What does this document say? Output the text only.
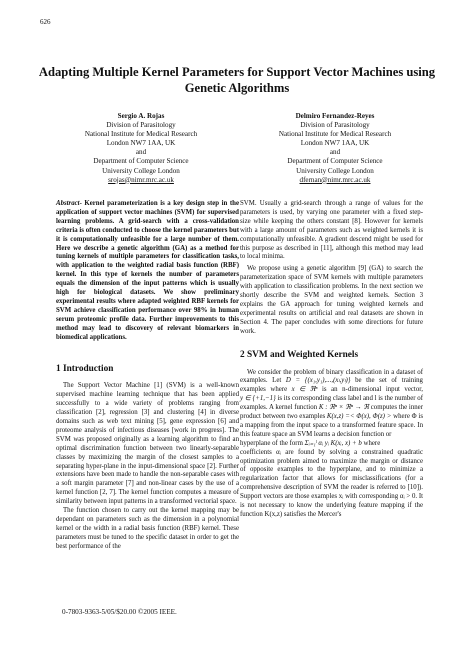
626
Adapting Multiple Kernel Parameters for Support Vector Machines using Genetic Algorithms
Sergio A. Rojas
Division of Parasitology
National Institute for Medical Research
London NW7 1AA, UK
and
Department of Computer Science
University College London
srojas@nimr.mrc.ac.uk
Delmiro Fernandez-Reyes
Division of Parasitology
National Institute for Medical Research
London NW7 1AA, UK
and
Department of Computer Science
University College London
dfernan@nimr.mrc.ac.uk

Abstract- Kernel parameterization is a key design step in the application of support vector machines (SVM) for supervised learning problems. A grid-search with a cross-validation criteria is often conducted to choose the kernel parameters but it is computationally unfeasible for a large number of them. Here we describe a genetic algorithm (GA) as a method for tuning kernels of multiple parameters for classification tasks, with application to the weighted radial basis function (RBF) kernel. In this type of kernels the number of parameters equals the dimension of the input patterns which is usually high for biological datasets. We show preliminary experimental results where adapted weighted RBF kernels for SVM achieve classification performance over 98% in human serum proteomic profile data. Further improvements to this method may lead to discovery of relevant biomarkers in biomedical applications.

1 Introduction

The Support Vector Machine [1] (SVM) is a well-known supervised machine learning technique that has been applied successfully to a wide variety of problems ranging from classification [2], regression [3] and clustering [4] in diverse domains such as web text mining [5], gene expression [6] and proteome analysis of infectious diseases [work in progress]. The SVM was proposed originally as a learning algorithm to find an optimal discrimination function between two linearly-separable classes by maximizing the margin of the closest samples to a separating hyper-plane in the input-dimensional space [2]. Further extensions have been made to handle the non-separable cases with a soft margin parameter [7] and non-linear cases by the use of a kernel function [2, 7]. The kernel function computes a measure of similarity between input patterns in a transformed vectorial space.

The function chosen to carry out the kernel mapping may be dependant on parameters such as the dimension in a polynomial kernel or the width in a radial basis function (RBF) kernel. These parameters must be tuned to the specific dataset in order to get the best performance of the

SVM. Usually a grid-search through a range of values for the parameters is used, by varying one parameter with a fixed step-size while keeping the others constant [8]. However for kernels with a large amount of parameters such as weighted kernels it is computationally unfeasible. A gradient descend might be used for this purpose as described in [11], although this method may lead to local minima.

We propose using a genetic algorithm [9] (GA) to search the parameterization space of SVM kernels with multiple parameters with application to classification problems. In the next section we shortly describe the SVM and weighted kernels. Section 3 explains the GA approach for tuning weighted kernels and experimental results on artificial and real datasets are shown in Section 4. The paper concludes with some directions for future work.

2 SVM and Weighted Kernels

We consider the problem of binary classification in a dataset of examples. Let D = {(x₁,y₁),...,(xₗ,yₗ)} be the set of training examples where x ∈ ℜⁿ is an n-dimensional input vector, y ∈ {+1,−1} is its corresponding class label and l is the number of examples. A kernel function K : ℜⁿ × ℜⁿ → ℜ computes the inner product between two examples K(x,z) =< Φ(x), Φ(z) > where Φ is a mapping from the input space to a transformed feature space. In this feature space an SVM learns a decision function or

hyperplane of the form Σᵢ₌₁ˡ αᵢ yᵢ K(xᵢ, x) + b where

coefficients αᵢ are found by solving a constrained quadratic optimization problem aimed to maximize the margin or distance of opposite examples to the hyperplane, and to minimize a regularization factor that allows for misclassifications (for a comprehensive description of SVM the reader is referred to [10]). Support vectors are those examples xᵢ with corresponding αᵢ > 0. It is not necessary to know the underlying feature mapping if the function K(x,z) satisfies the Mercer's

0-7803-9363-5/05/$20.00 ©2005 IEEE.
